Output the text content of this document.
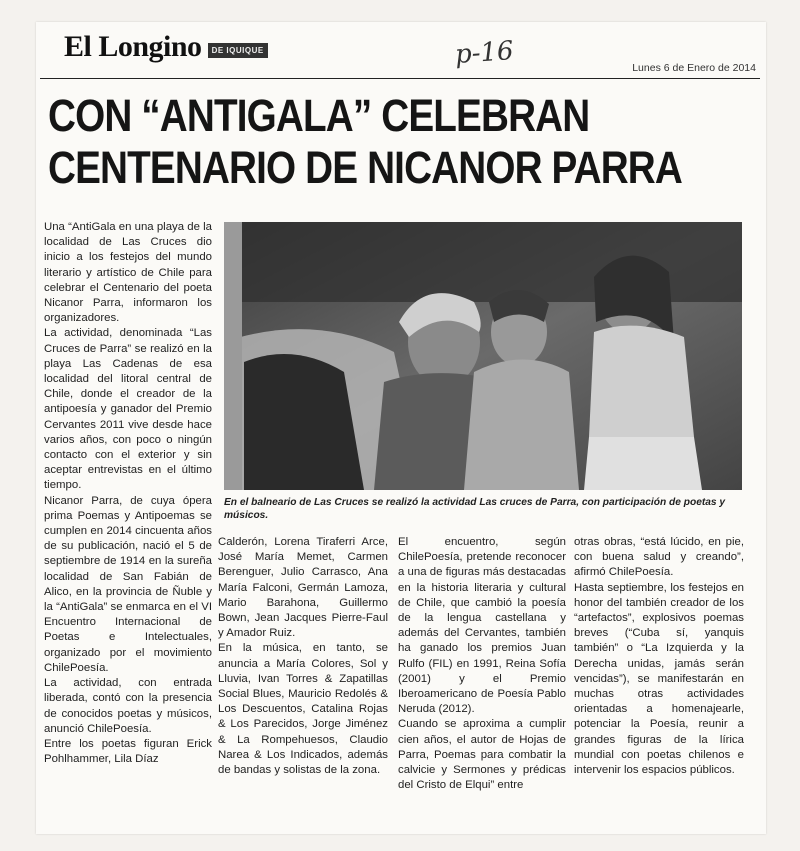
El Longino	DE IQUIQUE	p-16	Lunes 6 de Enero de 2014
CON “ANTIGALA” CELEBRAN
CENTENARIO DE NICANOR PARRA

Una “AntiGala en una playa de la localidad de Las Cruces dio inicio a los festejos del mundo literario y artístico de Chile para celebrar el Centenario del poeta Nicanor Parra, informaron los organizadores.

La actividad, denominada “Las Cruces de Parra” se realizó en la playa Las Cadenas de esa localidad del litoral central de Chile, donde el creador de la antipoesía y ganador del Premio Cervantes 2011 vive desde hace varios años, con poco o ningún contacto con el exterior y sin aceptar entrevistas en el último tiempo.

Nicanor Parra, de cuya ópera prima Poemas y Antipoemas se cumplen en 2014 cincuenta años de su publicación, nació el 5 de septiembre de 1914 en la sureña localidad de San Fabián de Alico, en la provincia de Ñuble y la “AntiGala” se enmarca en el VI Encuentro Internacional de Poetas e Intelectuales, organizado por el movimiento ChilePoesía.

La actividad, con entrada liberada, contó con la presencia de conocidos poetas y músicos, anunció ChilePoesía.

Entre los poetas figuran Erick Pohlhammer, Lila Díaz

En el balneario de Las Cruces se realizó la actividad Las cruces de Parra, con participación de poetas y músicos.

Calderón, Lorena Tiraferri Arce, José María Memet, Carmen Berenguer, Julio Carrasco, Ana María Falconi, Germán Lamoza, Mario Barahona, Guillermo Bown, Jean Jacques Pierre-Faul y Amador Ruiz.

En la música, en tanto, se anuncia a María Colores, Sol y Lluvia, Ivan Torres & Zapatillas Social Blues, Mauricio Redolés & Los Descuentos, Catalina Rojas & Los Parecidos, Jorge Jiménez & La Rompehuesos, Claudio Narea & Los Indicados, además de bandas y solistas de la zona.

El encuentro, según ChilePoesía, pretende reconocer a una de figuras más destacadas en la historia literaria y cultural de Chile, que cambió la poesía de la lengua castellana y además del Cervantes, también ha ganado los premios Juan Rulfo (FIL) en 1991, Reina Sofía (2001) y el Premio Iberoamericano de Poesía Pablo Neruda (2012).

Cuando se aproxima a cumplir cien años, el autor de Hojas de Parra, Poemas para combatir la calvicie y Sermones y prédicas del Cristo de Elqui” entre

otras obras, “está lúcido, en pie, con buena salud y creando”, afirmó ChilePoesía.

Hasta septiembre, los festejos en honor del también creador de los “artefactos”, explosivos poemas breves (“Cuba sí, yanquis también” o “La Izquierda y la Derecha unidas, jamás serán vencidas”), se manifestarán en muchas otras actividades orientadas a homenajearle, potenciar la Poesía, reunir a grandes figuras de la lírica mundial con poetas chilenos e intervenir los espacios públicos.
